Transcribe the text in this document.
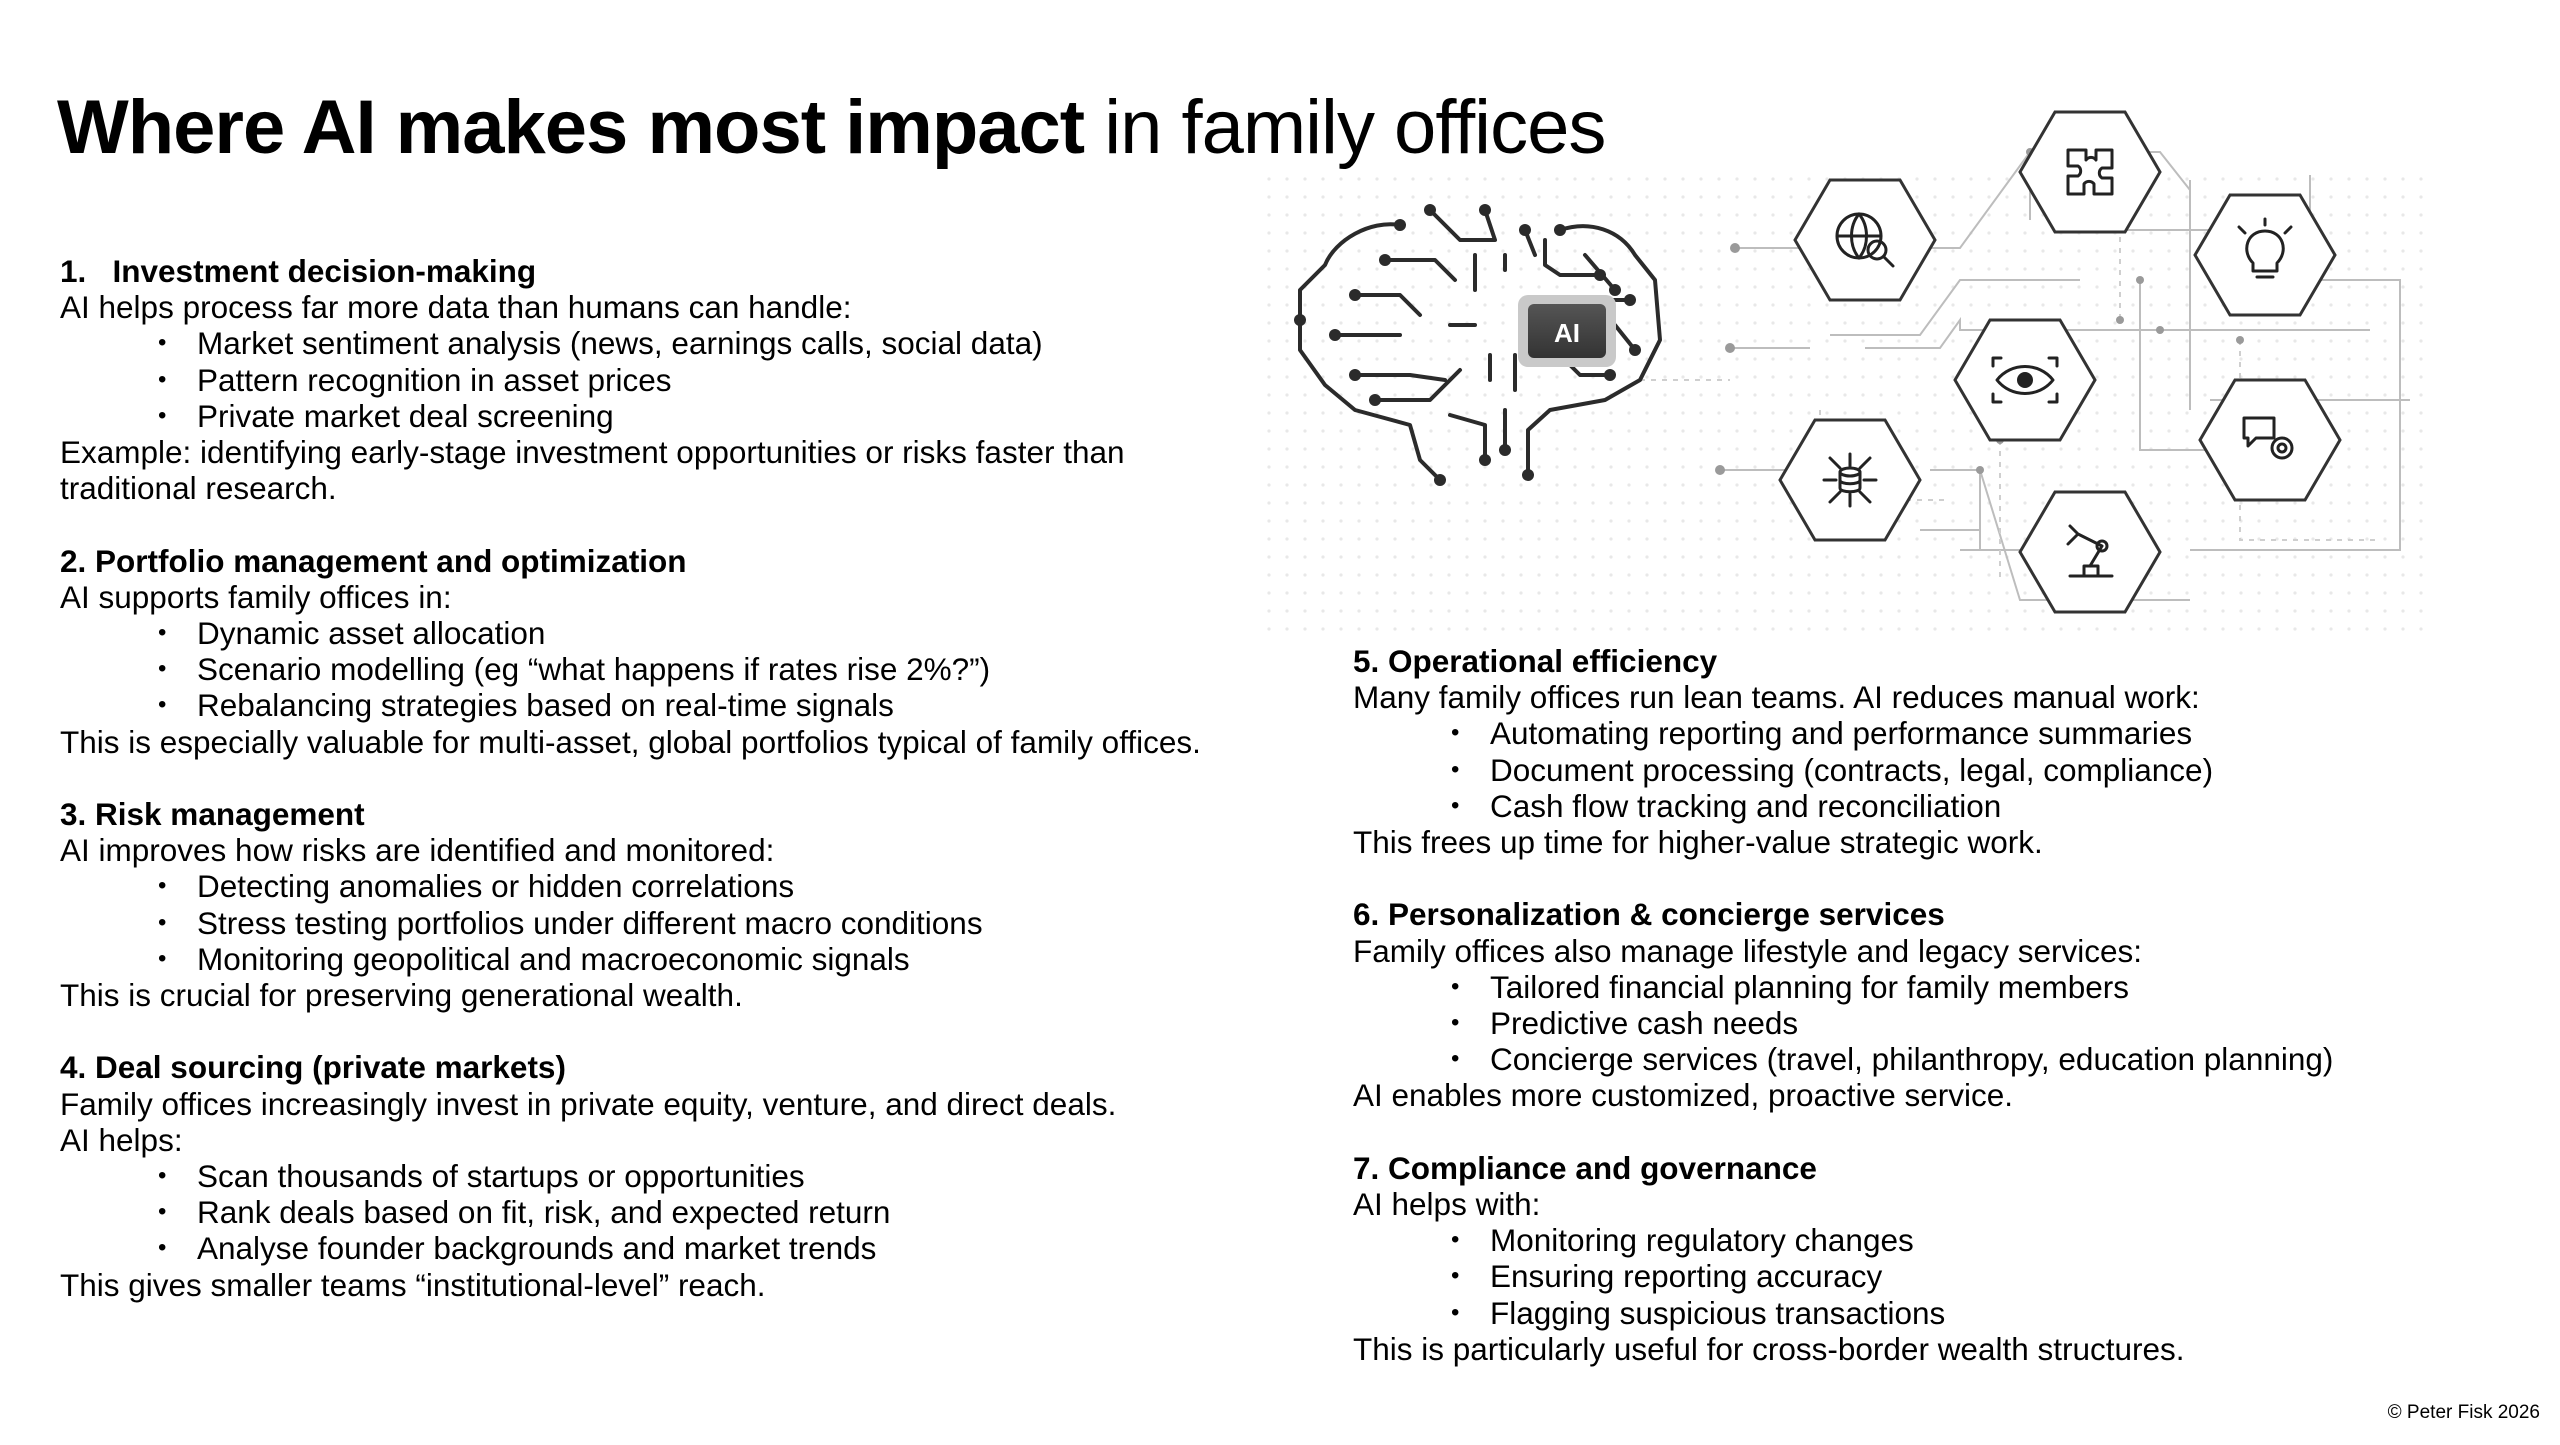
Where AI makes most impact in family offices
AI

1.   Investment decision-making

AI helps process far more data than humans can handle:

• Market sentiment analysis (news, earnings calls, social data)
• Pattern recognition in asset prices
• Private market deal screening

Example: identifying early-stage investment opportunities or risks faster than

traditional research.

2. Portfolio management and optimization

AI supports family offices in:

• Dynamic asset allocation
• Scenario modelling (eg “what happens if rates rise 2%?”)
• Rebalancing strategies based on real-time signals

This is especially valuable for multi-asset, global portfolios typical of family offices.

3. Risk management

AI improves how risks are identified and monitored:

• Detecting anomalies or hidden correlations
• Stress testing portfolios under different macro conditions
• Monitoring geopolitical and macroeconomic signals

This is crucial for preserving generational wealth.

4. Deal sourcing (private markets)

Family offices increasingly invest in private equity, venture, and direct deals.

AI helps:

• Scan thousands of startups or opportunities
• Rank deals based on fit, risk, and expected return
• Analyse founder backgrounds and market trends

This gives smaller teams “institutional-level” reach.

5. Operational efficiency

Many family offices run lean teams. AI reduces manual work:

• Automating reporting and performance summaries
• Document processing (contracts, legal, compliance)
• Cash flow tracking and reconciliation

This frees up time for higher-value strategic work.

6. Personalization & concierge services

Family offices also manage lifestyle and legacy services:

• Tailored financial planning for family members
• Predictive cash needs
• Concierge services (travel, philanthropy, education planning)

AI enables more customized, proactive service.

7. Compliance and governance

AI helps with:

• Monitoring regulatory changes
• Ensuring reporting accuracy
• Flagging suspicious transactions

This is particularly useful for cross-border wealth structures.

© Peter Fisk 2026
